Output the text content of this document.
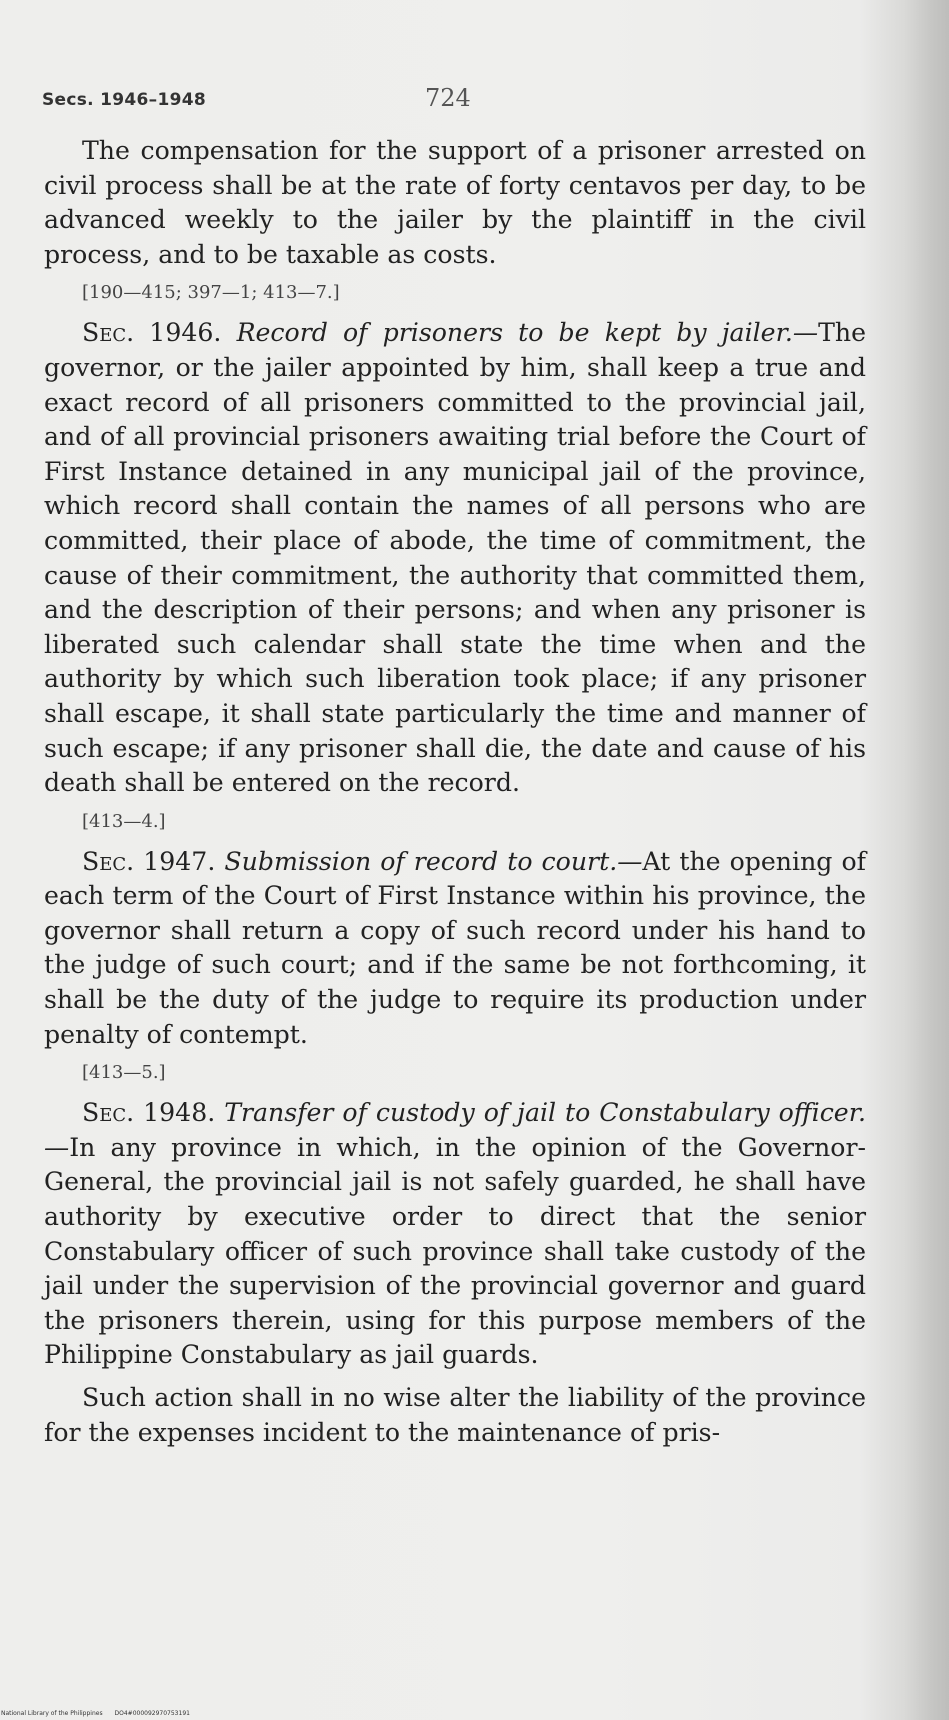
Secs. 1946–1948	724

The compensation for the support of a prisoner arrested on civil process shall be at the rate of forty centavos per day, to be advanced weekly to the jailer by the plaintiff in the civil process, and to be taxable as costs.

[190—415; 397—1; 413—7.]

Sec. 1946. Record of prisoners to be kept by jailer.—The governor, or the jailer appointed by him, shall keep a true and exact record of all prisoners committed to the provincial jail, and of all provincial prisoners awaiting trial before the Court of First Instance detained in any municipal jail of the province, which record shall contain the names of all persons who are committed, their place of abode, the time of commitment, the cause of their commitment, the authority that committed them, and the description of their persons; and when any prisoner is liberated such calendar shall state the time when and the authority by which such liberation took place; if any prisoner shall escape, it shall state particularly the time and manner of such escape; if any prisoner shall die, the date and cause of his death shall be entered on the record.

[413—4.]

Sec. 1947. Submission of record to court.—At the opening of each term of the Court of First Instance within his province, the governor shall return a copy of such record under his hand to the judge of such court; and if the same be not forthcoming, it shall be the duty of the judge to require its production under penalty of contempt.

[413—5.]

Sec. 1948. Transfer of custody of jail to Constabulary officer.—In any province in which, in the opinion of the Governor-General, the provincial jail is not safely guarded, he shall have authority by executive order to direct that the senior Constabulary officer of such province shall take custody of the jail under the supervision of the provincial governor and guard the prisoners therein, using for this purpose members of the Philippine Constabulary as jail guards.

Such action shall in no wise alter the liability of the province for the expenses incident to the maintenance of pris-

National Library of the Philippines DO4#000092970753191
